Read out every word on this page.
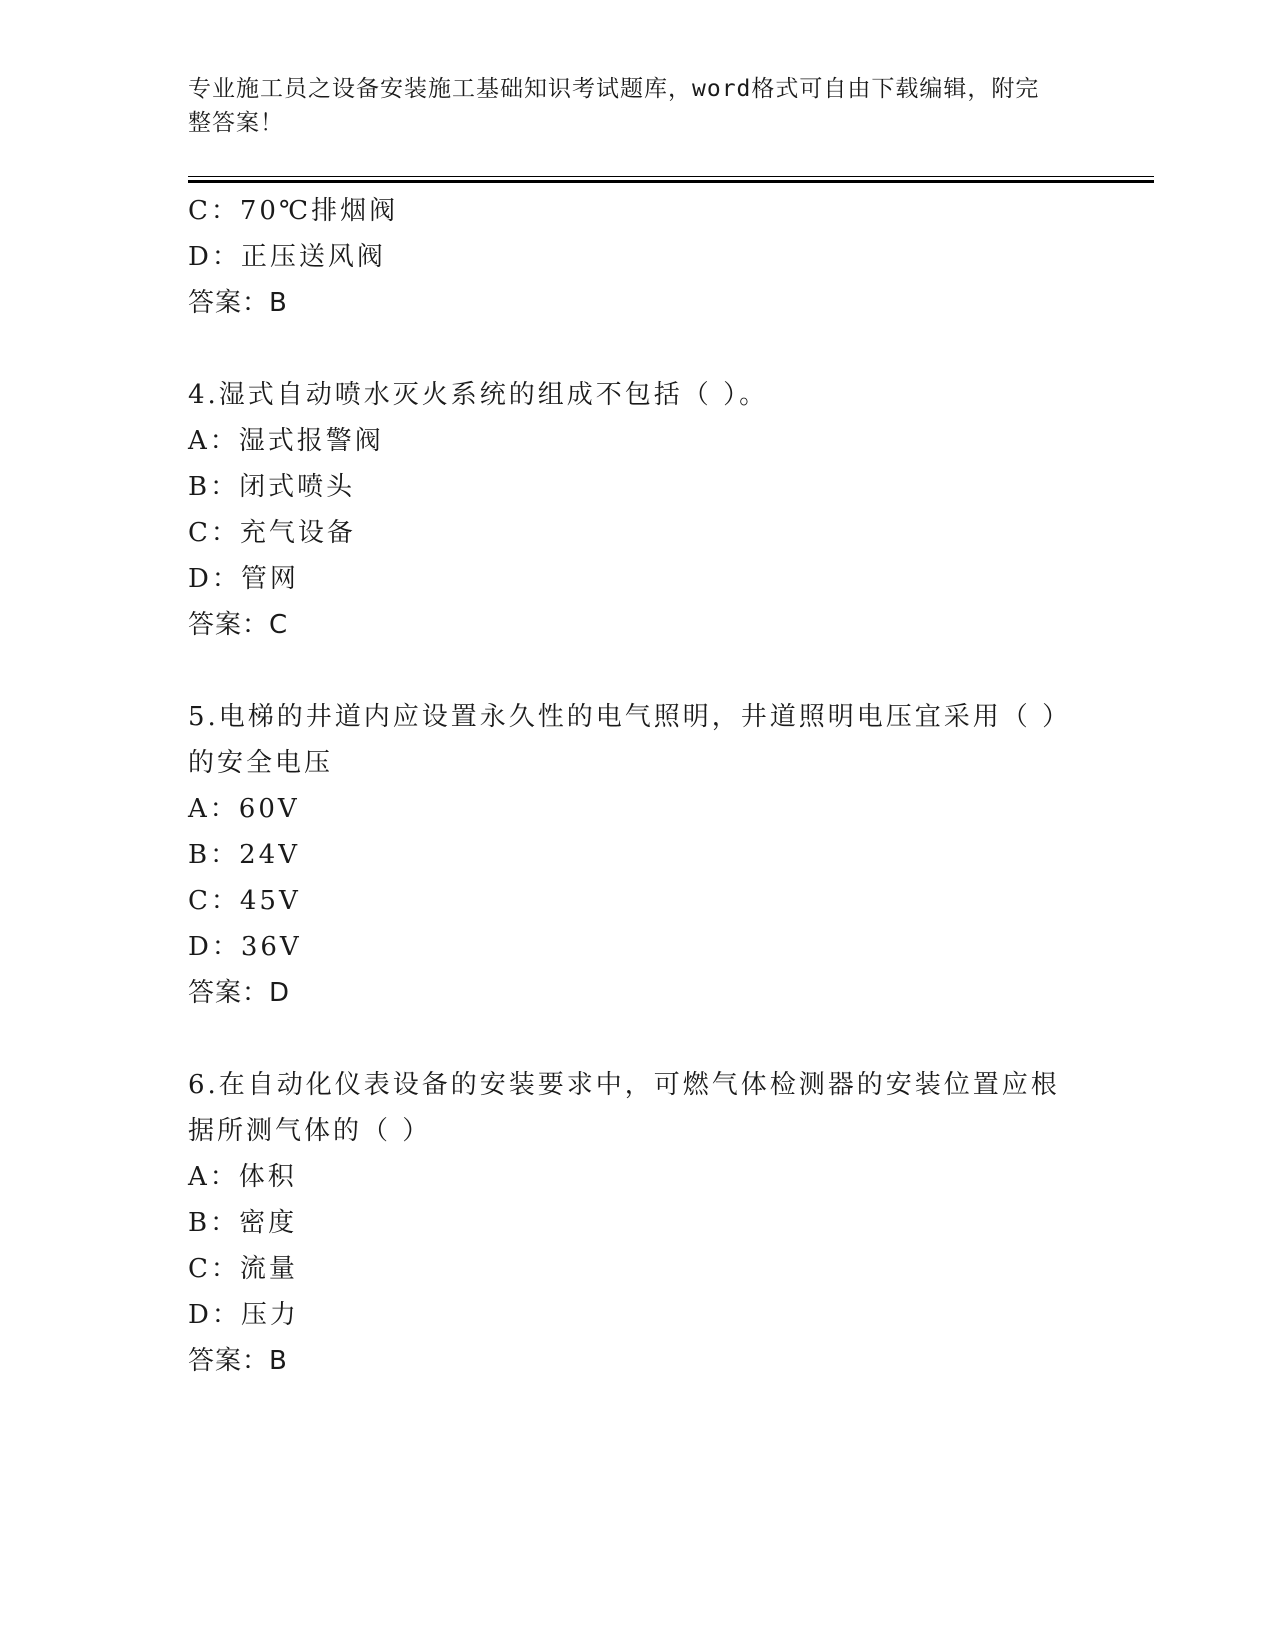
专业施工员之设备安装施工基础知识考试题库，word格式可自由下载编辑，附完
整答案！
C：70℃排烟阀
D：正压送风阀
答案：B
4.湿式自动喷水灭火系统的组成不包括（ ）。
A：湿式报警阀
B：闭式喷头
C：充气设备
D：管网
答案：C
5.电梯的井道内应设置永久性的电气照明，井道照明电压宜采用（ ）
的安全电压
A：60V
B：24V
C：45V
D：36V
答案：D
6.在自动化仪表设备的安装要求中，可燃气体检测器的安装位置应根
据所测气体的（ ）
A：体积
B：密度
C：流量
D：压力
答案：B
